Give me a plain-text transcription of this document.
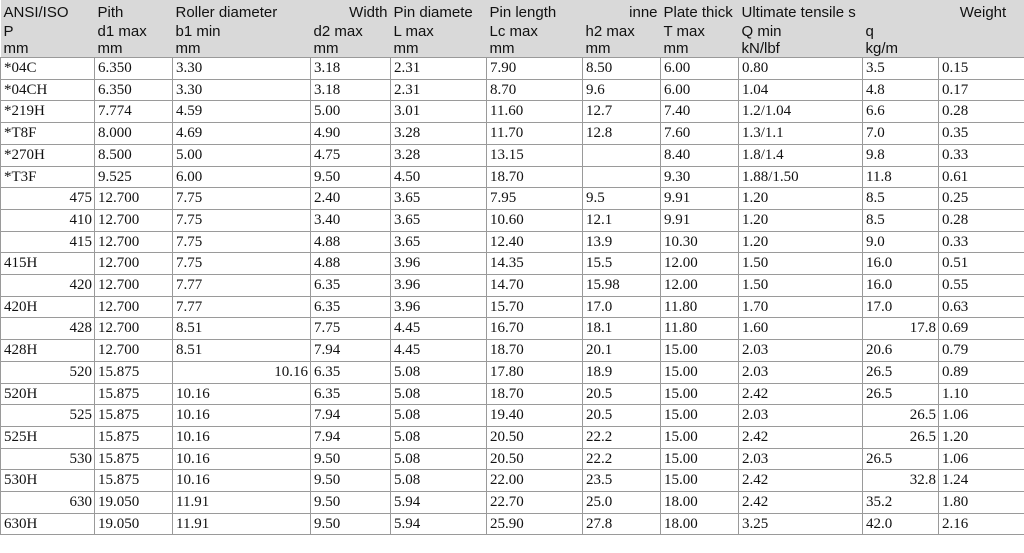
ANSI/ISO	Pith	Roller diameter	Width	Pin diamete	Pin length	inne	Plate thick	Ultimate tensile s		Weight
P	d1 max	b1 min	d2 max	L max	Lc max	h2 max	T max	Q min	q	
mm	mm	mm	mm	mm	mm	mm	mm	kN/lbf	kg/m	
*04C	6.350	3.30	3.18	2.31	7.90	8.50	6.00	0.80	3.5	0.15
*04CH	6.350	3.30	3.18	2.31	8.70	9.6	6.00	1.04	4.8	0.17
*219H	7.774	4.59	5.00	3.01	11.60	12.7	7.40	1.2/1.04	6.6	0.28
*T8F	8.000	4.69	4.90	3.28	11.70	12.8	7.60	1.3/1.1	7.0	0.35
*270H	8.500	5.00	4.75	3.28	13.15		8.40	1.8/1.4	9.8	0.33
*T3F	9.525	6.00	9.50	4.50	18.70		9.30	1.88/1.50	11.8	0.61
475	12.700	7.75	2.40	3.65	7.95	9.5	9.91	1.20	8.5	0.25
410	12.700	7.75	3.40	3.65	10.60	12.1	9.91	1.20	8.5	0.28
415	12.700	7.75	4.88	3.65	12.40	13.9	10.30	1.20	9.0	0.33
415H	12.700	7.75	4.88	3.96	14.35	15.5	12.00	1.50	16.0	0.51
420	12.700	7.77	6.35	3.96	14.70	15.98	12.00	1.50	16.0	0.55
420H	12.700	7.77	6.35	3.96	15.70	17.0	11.80	1.70	17.0	0.63
428	12.700	8.51	7.75	4.45	16.70	18.1	11.80	1.60	17.8	0.69
428H	12.700	8.51	7.94	4.45	18.70	20.1	15.00	2.03	20.6	0.79
520	15.875	10.16	6.35	5.08	17.80	18.9	15.00	2.03	26.5	0.89
520H	15.875	10.16	6.35	5.08	18.70	20.5	15.00	2.42	26.5	1.10
525	15.875	10.16	7.94	5.08	19.40	20.5	15.00	2.03	26.5	1.06
525H	15.875	10.16	7.94	5.08	20.50	22.2	15.00	2.42	26.5	1.20
530	15.875	10.16	9.50	5.08	20.50	22.2	15.00	2.03	26.5	1.06
530H	15.875	10.16	9.50	5.08	22.00	23.5	15.00	2.42	32.8	1.24
630	19.050	11.91	9.50	5.94	22.70	25.0	18.00	2.42	35.2	1.80
630H	19.050	11.91	9.50	5.94	25.90	27.8	18.00	3.25	42.0	2.16
